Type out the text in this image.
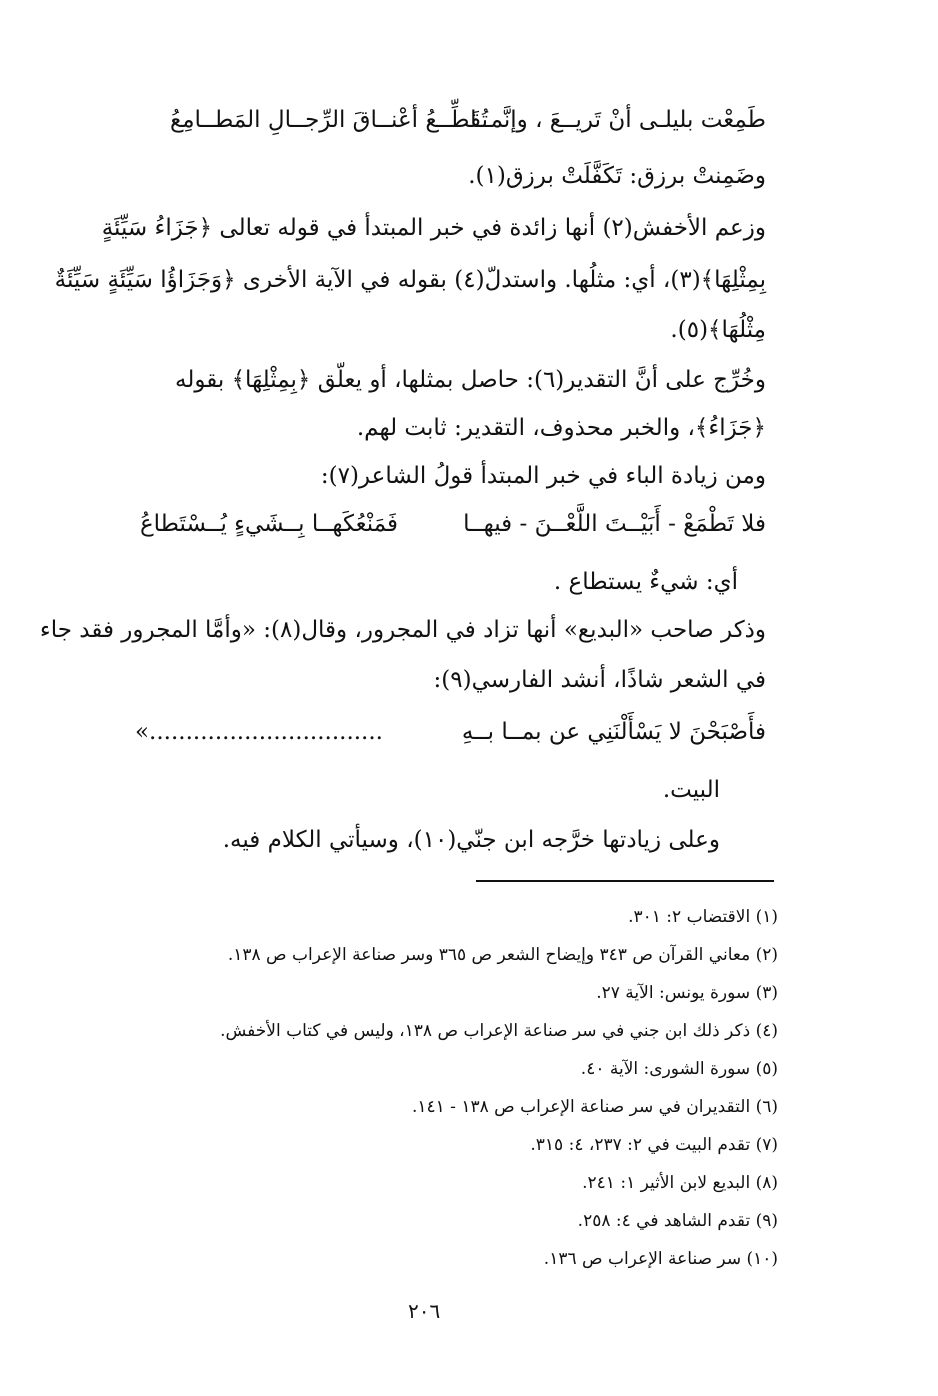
طَمِعْت بليلـى أنْ تَريــعَ ، وإنَّمــا
تُقَطِّــعُ أعْنــاقَ الرِّجــالِ المَطــامِعُ
وضَمِنتْ برزق: تَكَفَّلَتْ برزق(١).
وزعم الأخفش(٢) أنها زائدة في خبر المبتدأ في قوله تعالى ﴿جَزَاءُ سَيِّئَةٍ
بِمِثْلِهَا﴾(٣)، أي: مثلُها. واستدلّ(٤) بقوله في الآية الأخرى ﴿وَجَزَاؤُا سَيِّئَةٍ سَيِّئَةٌ
مِثْلُهَا﴾(٥).
وخُرِّج على أنَّ التقدير(٦): حاصل بمثلها، أو يعلّق ﴿بِمِثْلِهَا﴾ بقوله
﴿جَزَاءُ﴾، والخبر محذوف، التقدير: ثابت لهم.
ومن زيادة الباء في خبر المبتدأ قولُ الشاعر(٧):
فلا تَطْمَعْ - أَبَيْــتَ اللَّعْــنَ - فيهــا
فَمَنْعُكَهــا بِــشَيءٍ يُــسْتَطاعُ
أي: شيءٌ يستطاع .
وذكر صاحب «البديع» أنها تزاد في المجرور، وقال(٨): «وأمَّا المجرور فقد جاء
في الشعر شاذًا، أنشد الفارسي(٩):
فأَصْبَحْنَ لا يَسْأَلْنَنِي عن بمــا بــهِ
................................»
البيت.
وعلى زيادتها خرَّجه ابن جنّي(١٠)، وسيأتي الكلام فيه.
(١) الاقتضاب ٢: ٣٠١.
(٢) معاني القرآن ص ٣٤٣ وإيضاح الشعر ص ٣٦٥ وسر صناعة الإعراب ص ١٣٨.
(٣) سورة يونس: الآية ٢٧.
(٤) ذكر ذلك ابن جني في سر صناعة الإعراب ص ١٣٨، وليس في كتاب الأخفش.
(٥) سورة الشورى: الآية ٤٠.
(٦) التقديران في سر صناعة الإعراب ص ١٣٨ - ١٤١.
(٧) تقدم البيت في ٢: ٢٣٧، ٤: ٣١٥.
(٨) البديع لابن الأثير ١: ٢٤١.
(٩) تقدم الشاهد في ٤: ٢٥٨.
(١٠) سر صناعة الإعراب ص ١٣٦.
٢٠٦
